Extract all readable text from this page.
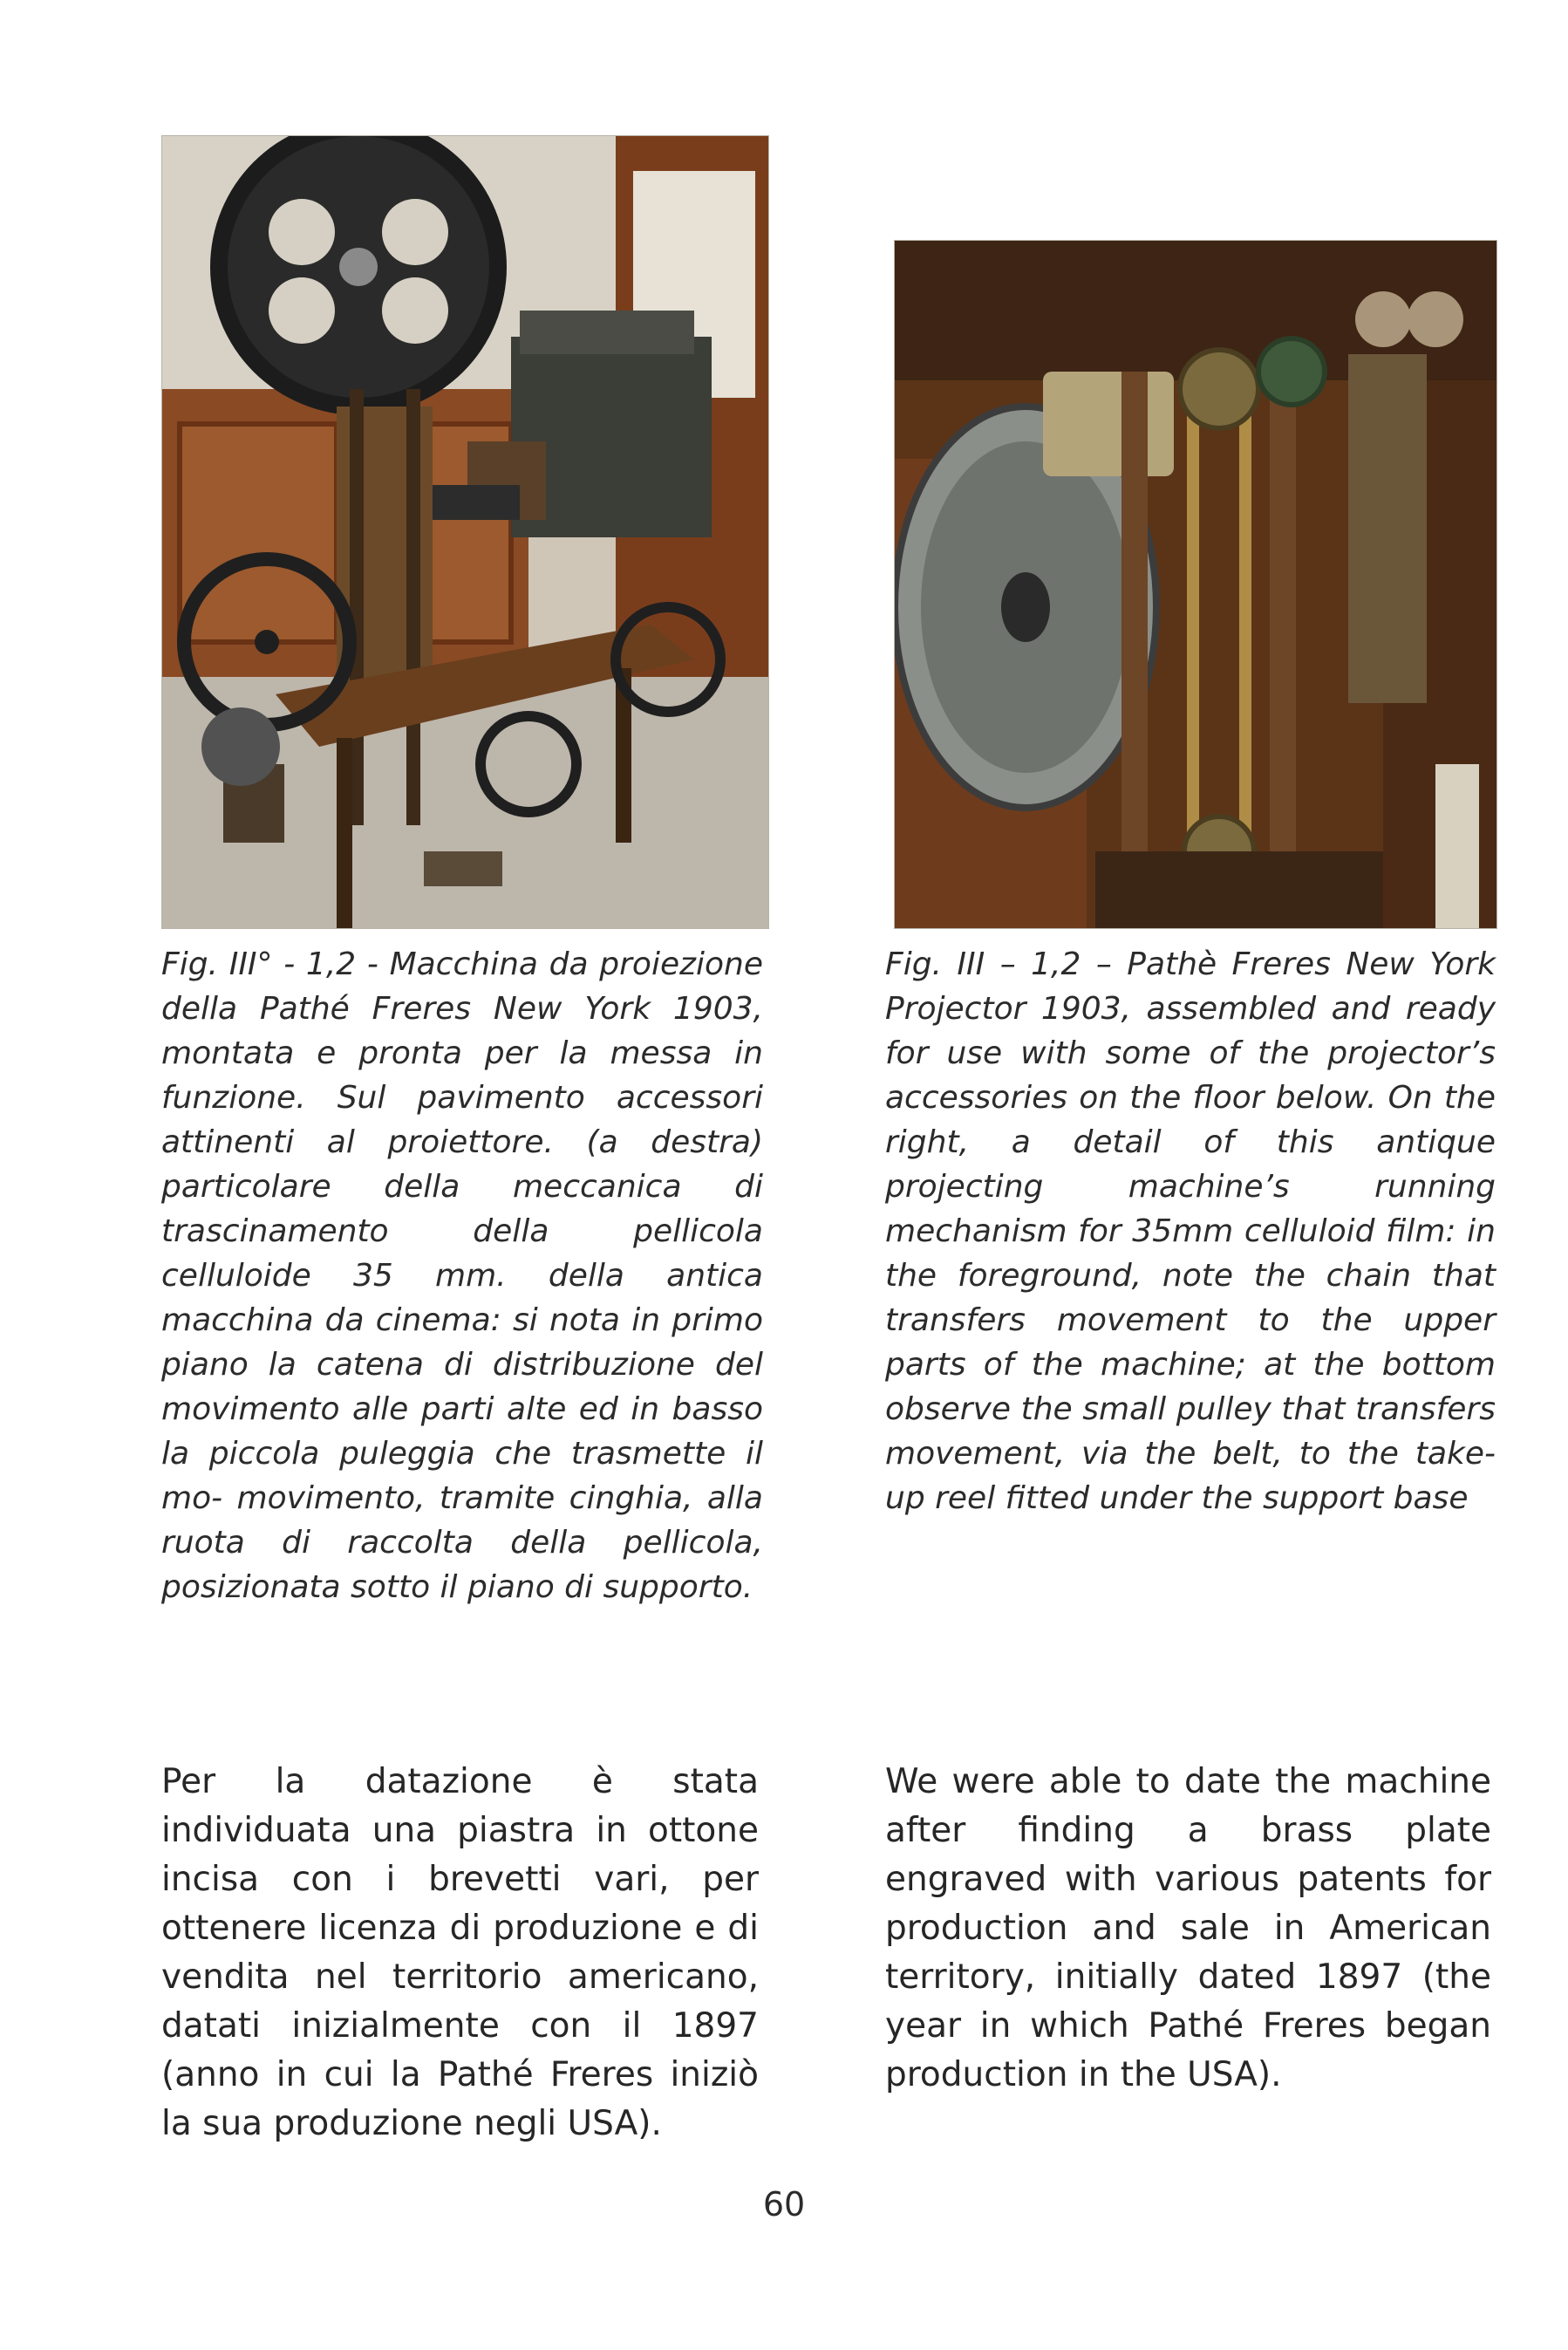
Fig. III° - 1,2 - Macchina da proiezione della Pathé Freres New York 1903, montata e pronta per la messa in funzione. Sul pavimento accessori attinenti al proiettore. (a destra) particolare della meccanica di trascinamento della pellicola celluloide 35 mm. della antica macchina da cinema: si nota in primo piano la catena di distribuzione del movimento alle parti alte ed in basso la piccola puleggia che trasmette il mo- movimento, tramite cinghia, alla ruota di raccolta della pellicola, posizionata sotto il piano di supporto.

Fig. III – 1,2 – Pathè Freres New York Projector 1903, assembled and ready for use with some of the projector’s accessories on the floor below. On the right, a detail of this antique projecting machine’s running mechanism for 35mm celluloid film: in the foreground, note the chain that transfers movement to the upper parts of the machine; at the bottom observe the small pulley that transfers movement, via the belt, to the take-up reel fitted under the support base

Per la datazione è stata individuata una piastra in ottone incisa con i brevetti vari, per ottenere licenza di produzione e di vendita nel territorio americano, datati inizialmente con il 1897 (anno in cui la Pathé Freres iniziò la sua produzione negli USA).

We were able to date the machine after finding a brass plate engraved with various patents for production and sale in American territory, initially dated 1897 (the year in which Pathé Freres began production in the USA).

60
